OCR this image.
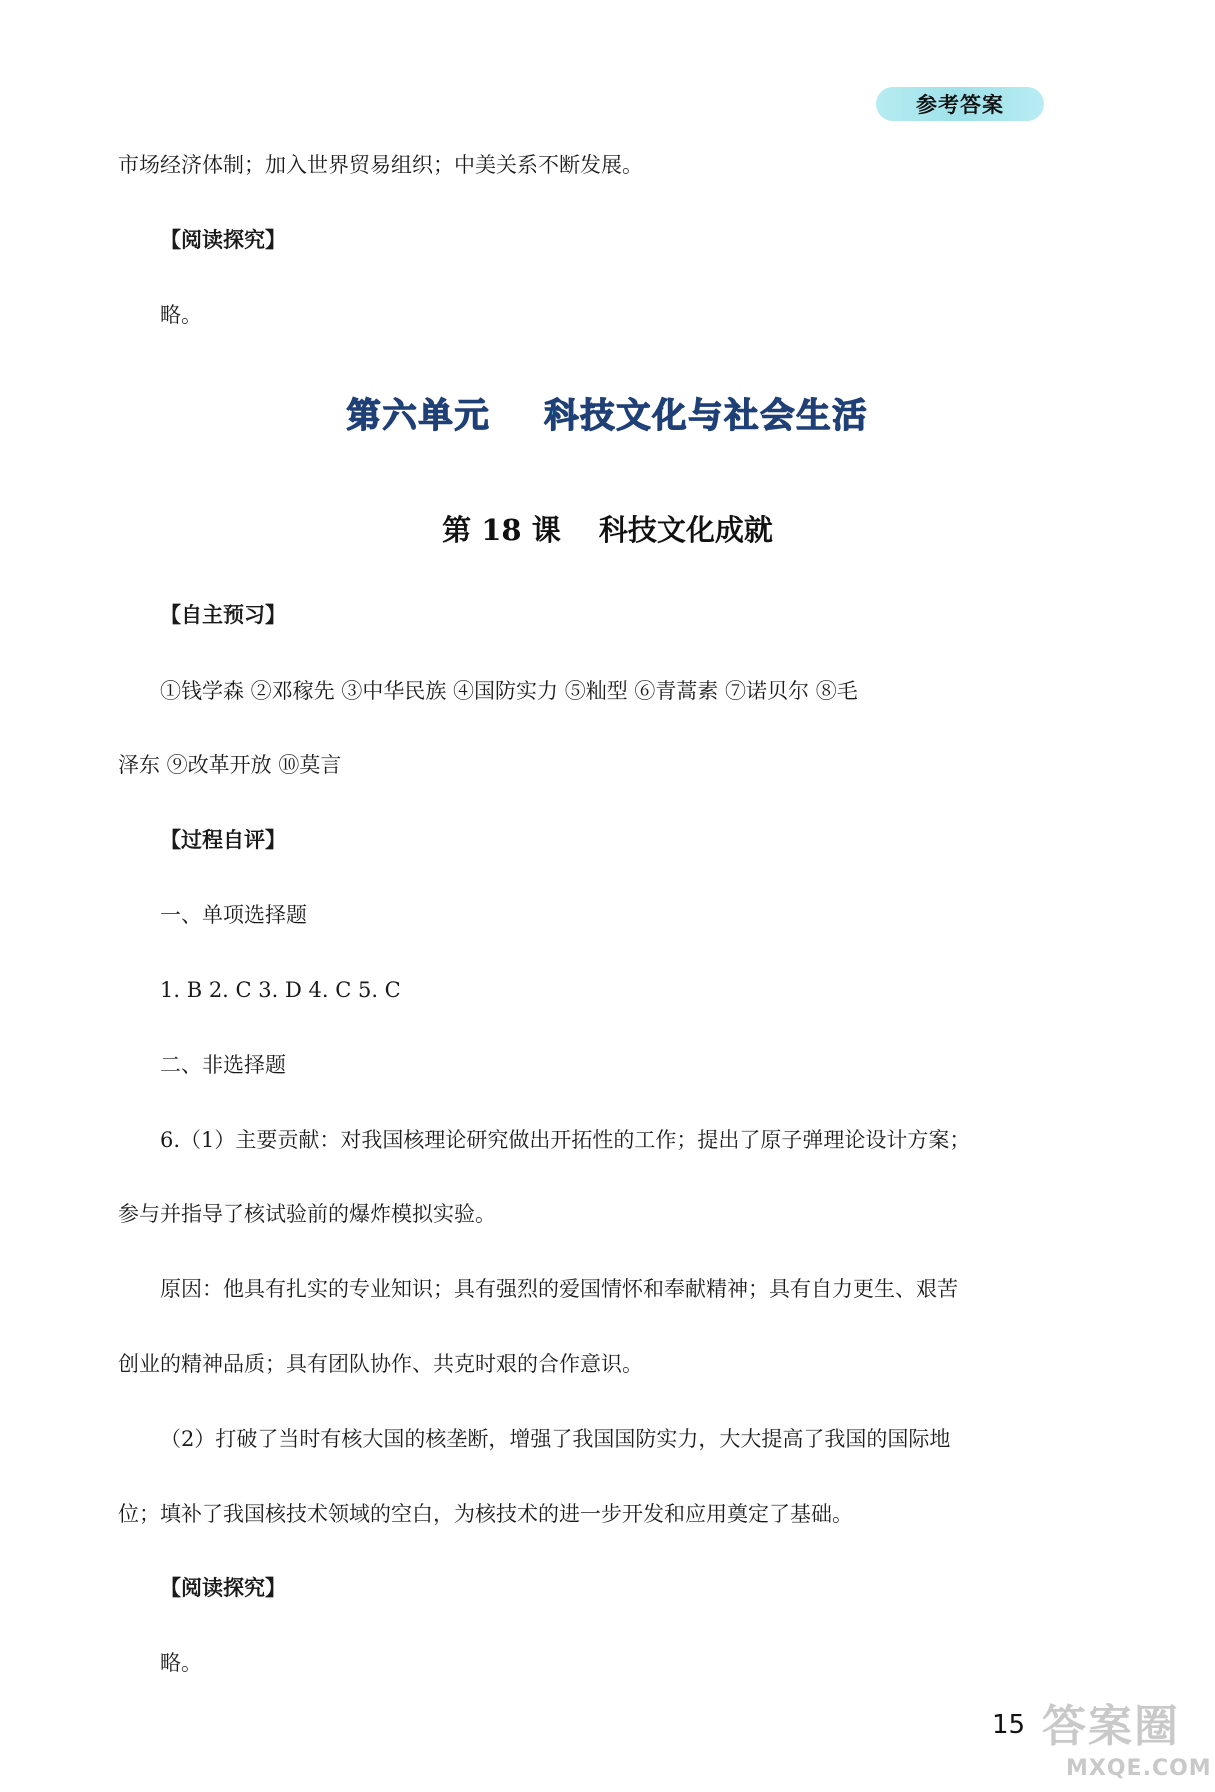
参考答案
市场经济体制；加入世界贸易组织；中美关系不断发展。
【阅读探究】
略。
第六单元 科技文化与社会生活
第 18 课 科技文化成就
【自主预习】
①钱学森 ②邓稼先 ③中华民族 ④国防实力 ⑤籼型 ⑥青蒿素 ⑦诺贝尔 ⑧毛
泽东 ⑨改革开放 ⑩莫言
【过程自评】
一、单项选择题
1. B 2. C 3. D 4. C 5. C
二、非选择题
6.（1）主要贡献：对我国核理论研究做出开拓性的工作；提出了原子弹理论设计方案；
参与并指导了核试验前的爆炸模拟实验。
原因：他具有扎实的专业知识；具有强烈的爱国情怀和奉献精神；具有自力更生、艰苦
创业的精神品质；具有团队协作、共克时艰的合作意识。
（2）打破了当时有核大国的核垄断，增强了我国国防实力，大大提高了我国的国际地
位；填补了我国核技术领域的空白，为核技术的进一步开发和应用奠定了基础。
【阅读探究】
略。
15 答案圈
MXQE.COM
